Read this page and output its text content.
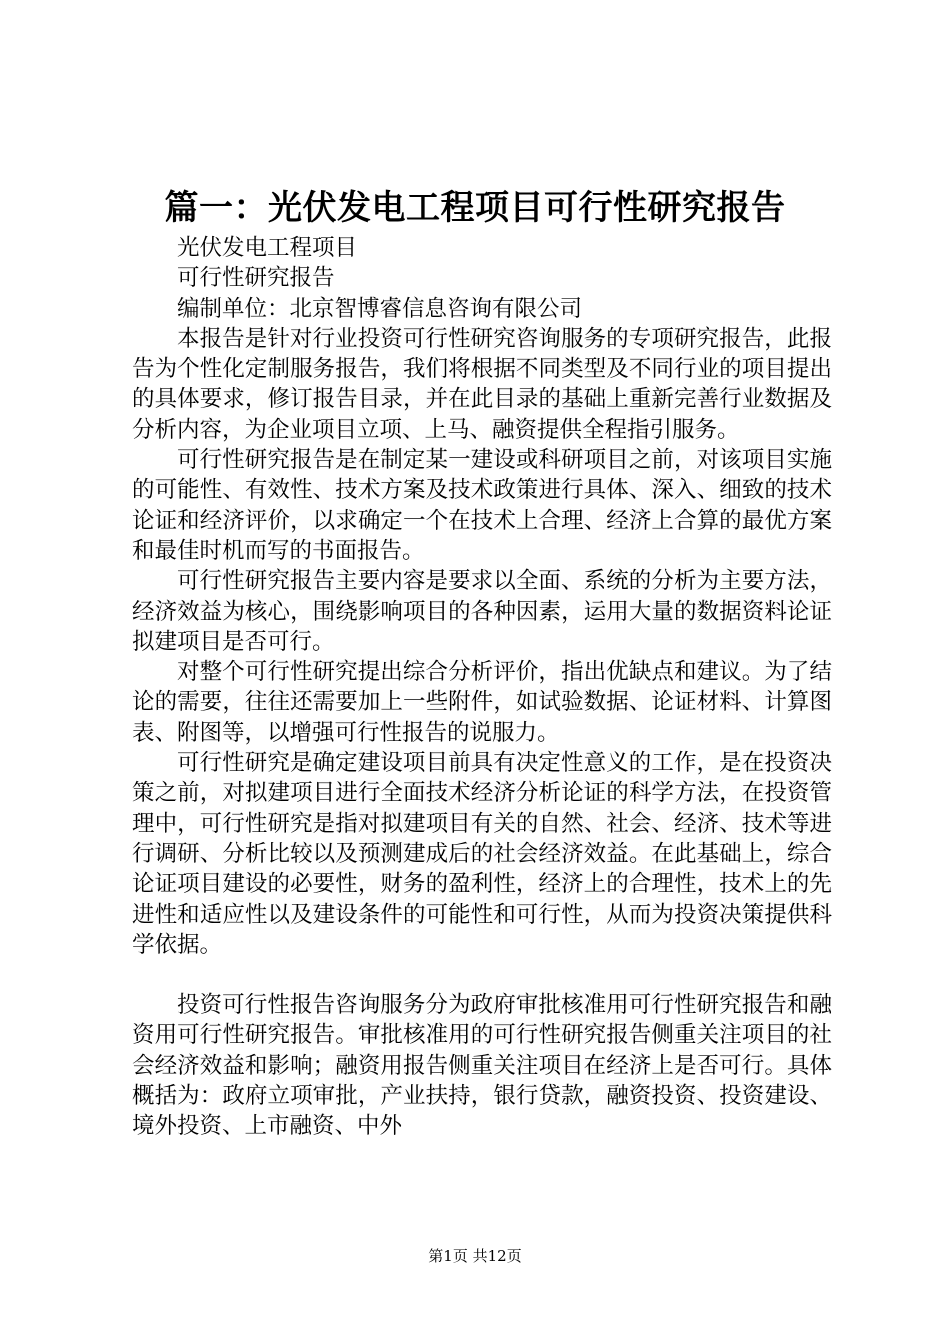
篇一：光伏发电工程项目可行性研究报告

光伏发电工程项目

可行性研究报告

编制单位：北京智博睿信息咨询有限公司

本报告是针对行业投资可行性研究咨询服务的专项研究报告，此报告为个性化定制服务报告，我们将根据不同类型及不同行业的项目提出的具体要求，修订报告目录，并在此目录的基础上重新完善行业数据及分析内容，为企业项目立项、上马、融资提供全程指引服务。

可行性研究报告是在制定某一建设或科研项目之前，对该项目实施的可能性、有效性、技术方案及技术政策进行具体、深入、细致的技术论证和经济评价，以求确定一个在技术上合理、经济上合算的最优方案和最佳时机而写的书面报告。

可行性研究报告主要内容是要求以全面、系统的分析为主要方法，经济效益为核心，围绕影响项目的各种因素，运用大量的数据资料论证拟建项目是否可行。

对整个可行性研究提出综合分析评价，指出优缺点和建议。为了结论的需要，往往还需要加上一些附件，如试验数据、论证材料、计算图表、附图等，以增强可行性报告的说服力。

可行性研究是确定建设项目前具有决定性意义的工作，是在投资决策之前，对拟建项目进行全面技术经济分析论证的科学方法，在投资管理中，可行性研究是指对拟建项目有关的自然、社会、经济、技术等进行调研、分析比较以及预测建成后的社会经济效益。在此基础上，综合论证项目建设的必要性，财务的盈利性，经济上的合理性，技术上的先进性和适应性以及建设条件的可能性和可行性，从而为投资决策提供科学依据。

投资可行性报告咨询服务分为政府审批核准用可行性研究报告和融资用可行性研究报告。审批核准用的可行性研究报告侧重关注项目的社会经济效益和影响；融资用报告侧重关注项目在经济上是否可行。具体概括为：政府立项审批，产业扶持，银行贷款，融资投资、投资建设、境外投资、上市融资、中外

第1页 共12页
